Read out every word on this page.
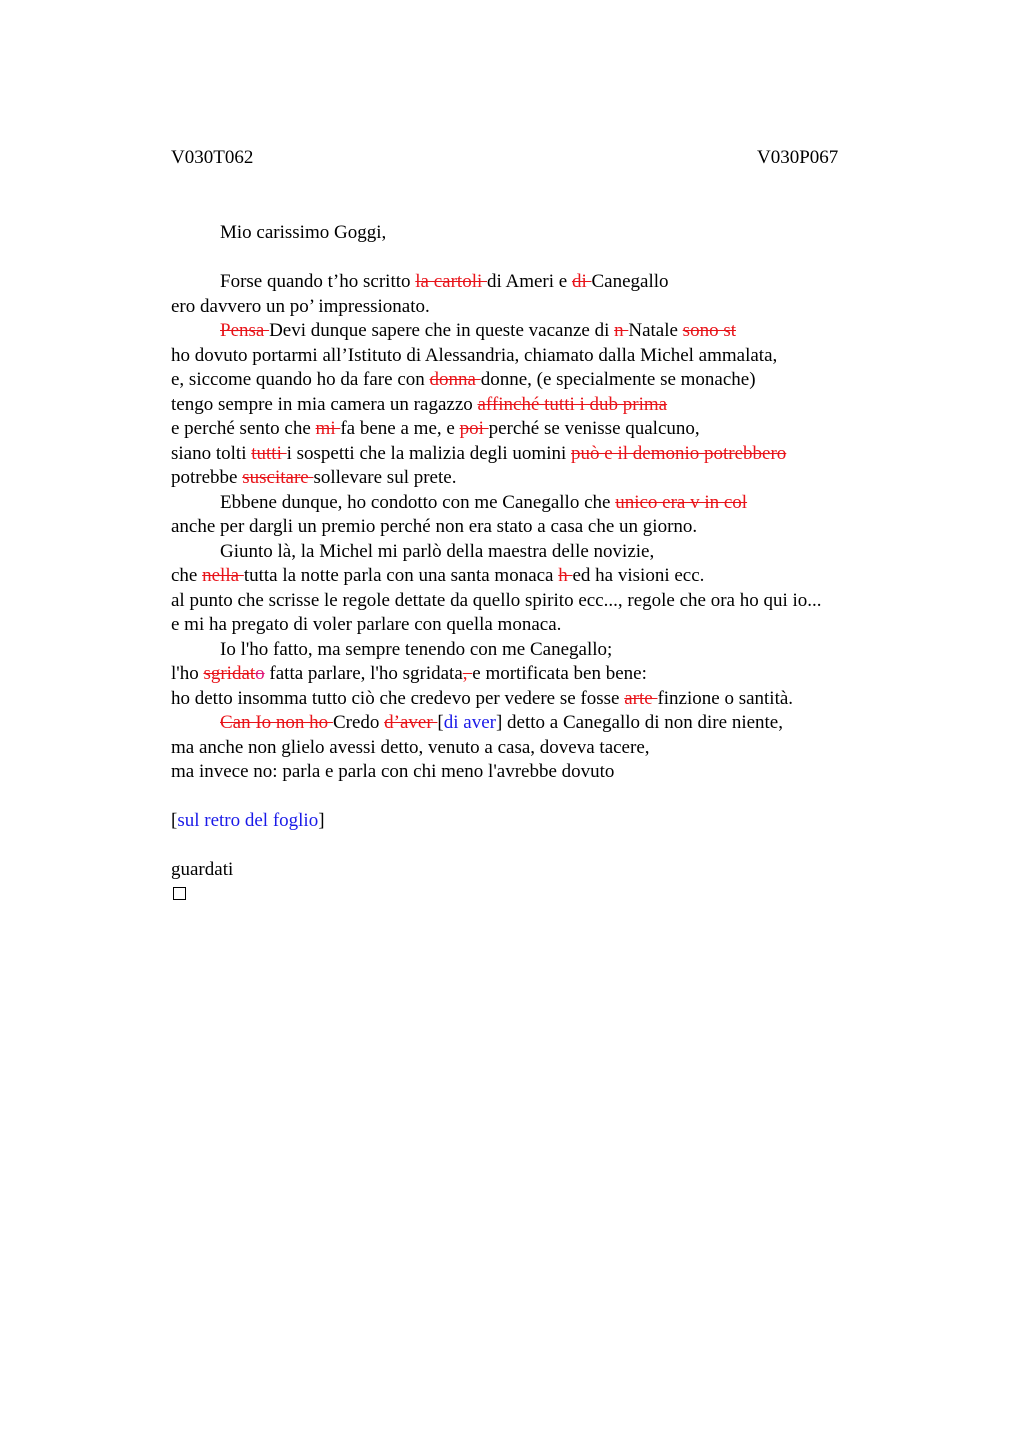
V030T062	V030P067
Mio carissimo Goggi,
Forse quando t’ho scritto la cartoli di Ameri e di Canegallo
ero davvero un po’ impressionato.
Pensa Devi dunque sapere che in queste vacanze di n Natale sono st
ho dovuto portarmi all’Istituto di Alessandria, chiamato dalla Michel ammalata,
e, siccome quando ho da fare con donna donne, (e specialmente se monache)
tengo sempre in mia camera un ragazzo affinché tutti i dub prima
e perché sento che mi fa bene a me, e poi perché se venisse qualcuno,
siano tolti tutti i sospetti che la malizia degli uomini può e il demonio potrebbero
potrebbe suscitare sollevare sul prete.
Ebbene dunque, ho condotto con me Canegallo che unico era v in col
anche per dargli un premio perché non era stato a casa che un giorno.
Giunto là, la Michel mi parlò della maestra delle novizie,
che nella tutta la notte parla con una santa monaca h ed ha visioni ecc.
al punto che scrisse le regole dettate da quello spirito ecc..., regole che ora ho qui io...
e mi ha pregato di voler parlare con quella monaca.
Io l'ho fatto, ma sempre tenendo con me Canegallo;
l'ho sgridato fatta parlare, l'ho sgridata, e mortificata ben bene:
ho detto insomma tutto ciò che credevo per vedere se fosse arte finzione o santità.
Can Io non ho Credo d’aver [di aver] detto a Canegallo di non dire niente,
ma anche non glielo avessi detto, venuto a casa, doveva tacere,
ma invece no: parla e parla con chi meno l'avrebbe dovuto
[sul retro del foglio]
guardati
